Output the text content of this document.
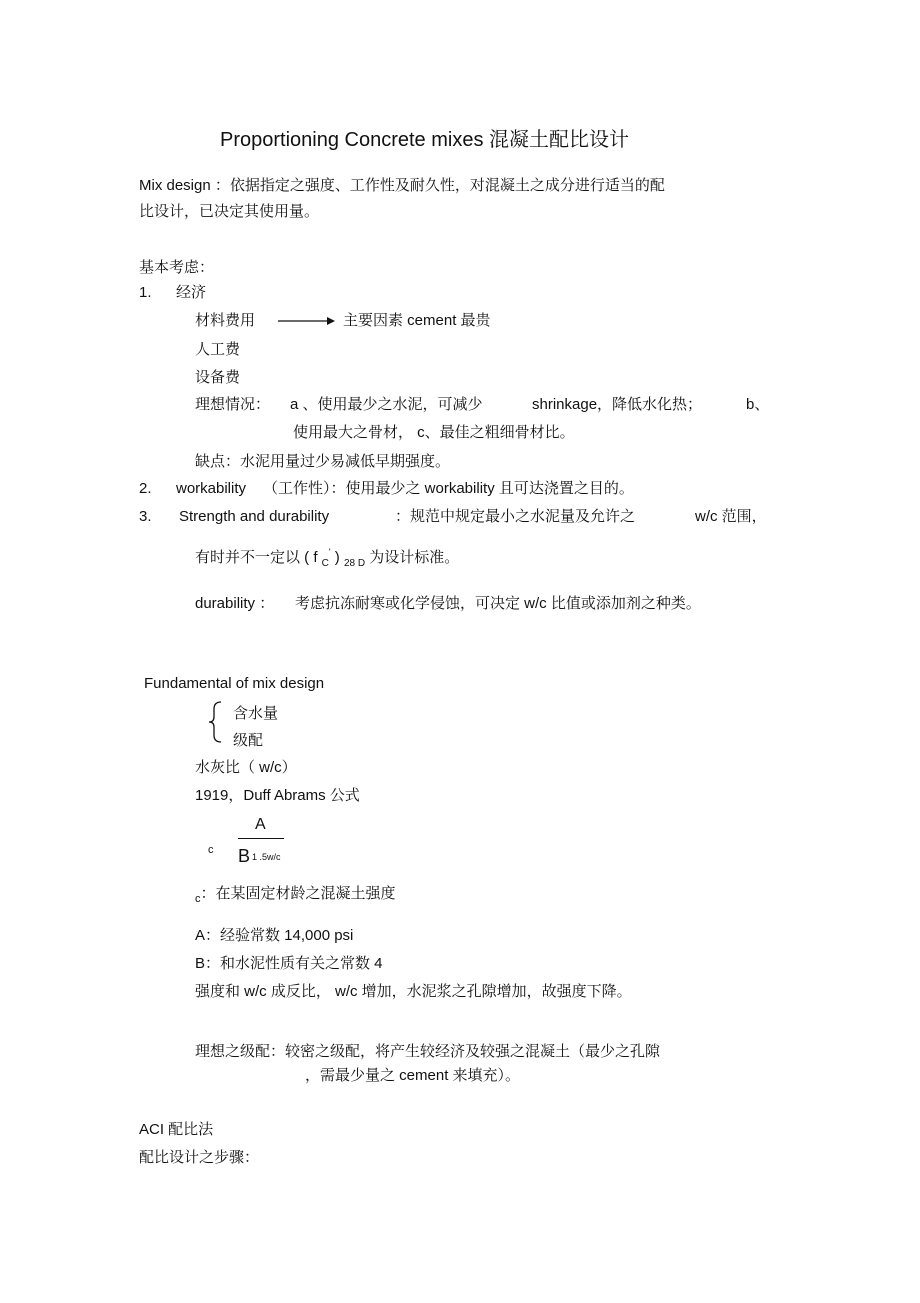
Proportioning Concrete mixes 混凝土配比设计
Mix design ：依据指定之强度、工作性及耐久性，对混凝土之成分进行适当的配
比设计，已决定其使用量。
基本考虑：
1. 经济
材料费用	主要因素 cement 最贵
人工费
设备费
理想情况： a 、使用最少之水泥，可减少	shrinkage，降低水化热；	b、
使用最大之骨材， c、最佳之粗细骨材比。
缺点：水泥用量过少易减低早期强度。
2. workability （工作性）：使用最少之 workability 且可达浇置之目的。
3. Strength and durability	：规范中规定最小之水泥量及允许之	w/c 范围，
有时并不一定以 ( f $_C$' ) $_{28 D}$ 为设计标准。
durability ： 考虑抗冻耐寒或化学侵蚀，可决定 w/c 比值或添加剂之种类。
Fundamental of mix design
含水量
级配
水灰比（ w/c）
1919，Duff Abrams 公式
c
A
B 1 .5w/c
$_c$：在某固定材龄之混凝土强度
A：经验常数 14,000 psi
B：和水泥性质有关之常数 4
强度和 w/c 成反比， w/c 增加，水泥浆之孔隙增加，故强度下降。
理想之级配：较密之级配，将产生较经济及较强之混凝土（最少之孔隙
，需最少量之 cement 来填充）。
ACI 配比法
配比设计之步骤：
